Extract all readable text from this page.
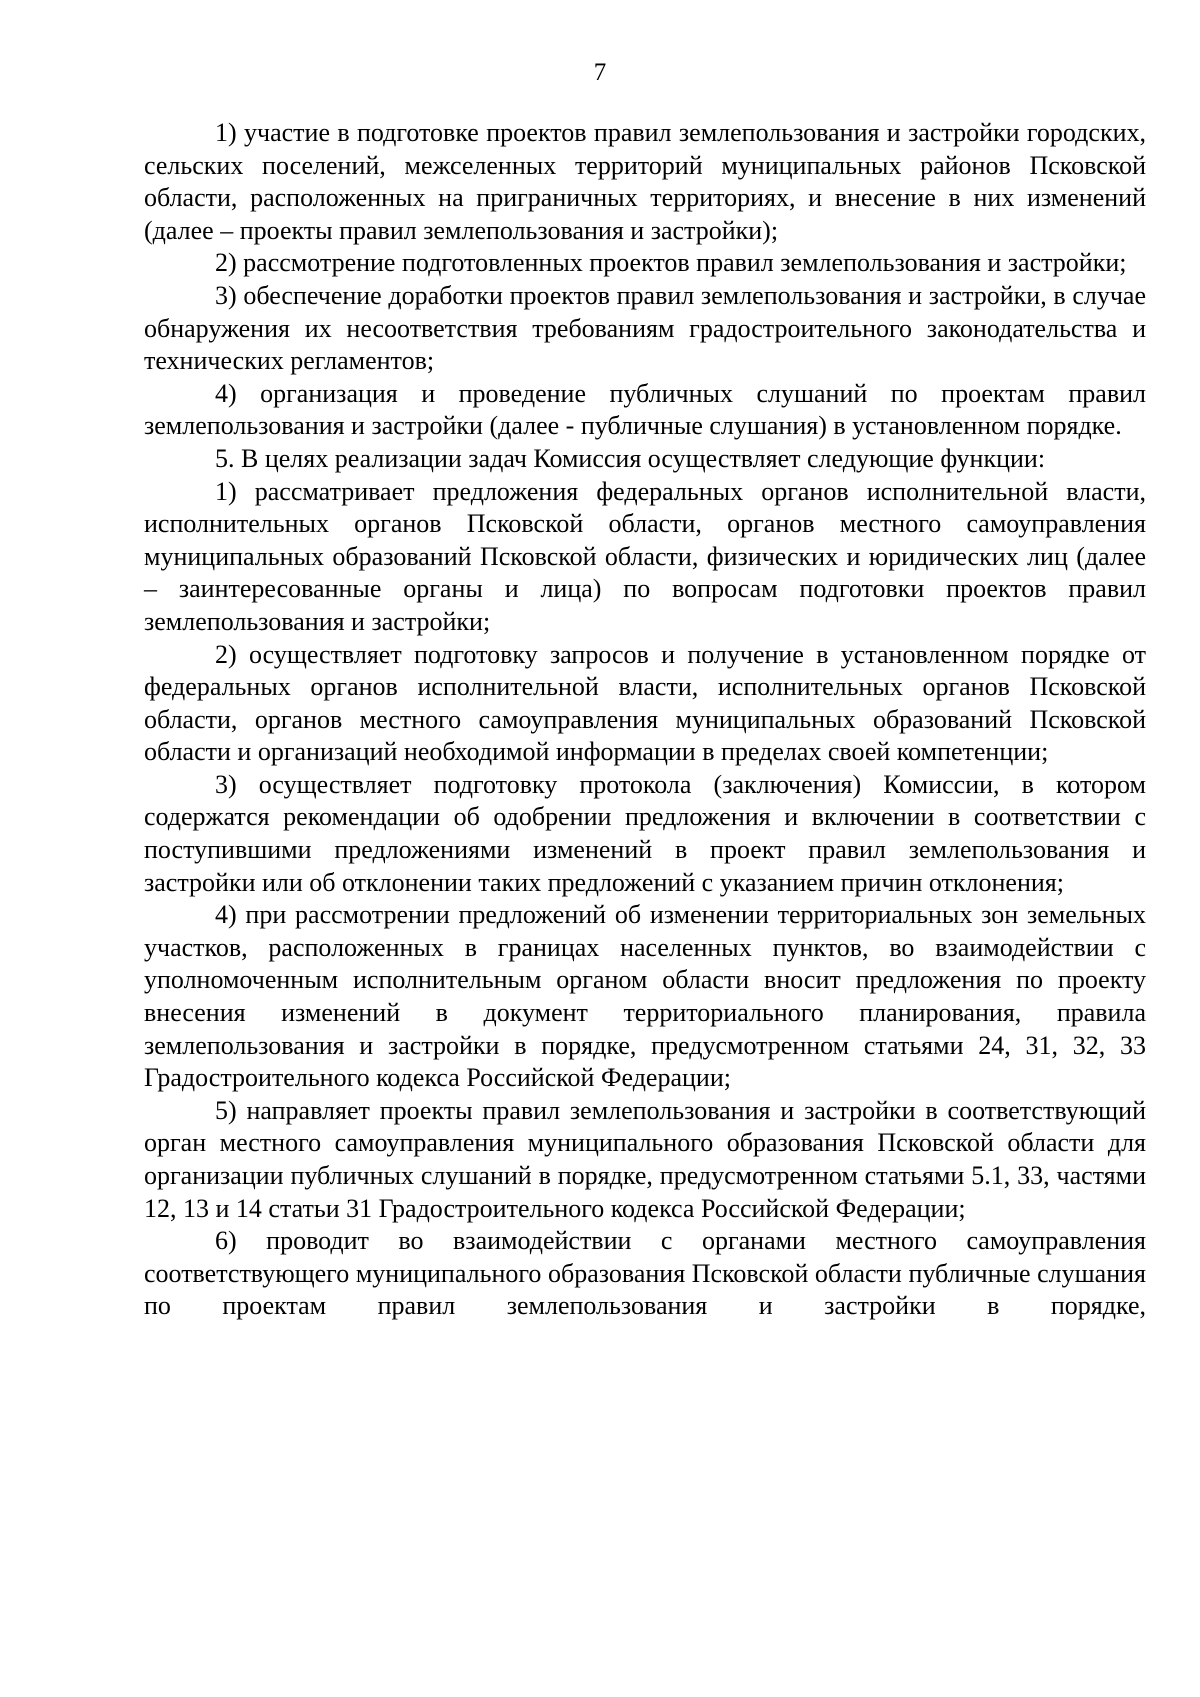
7

1) участие в подготовке проектов правил землепользования и застройки городских, сельских поселений, межселенных территорий муниципальных районов Псковской области, расположенных на приграничных территориях, и внесение в них изменений (далее – проекты правил землепользования и застройки);

2) рассмотрение подготовленных проектов правил землепользования и застройки;

3) обеспечение доработки проектов правил землепользования и застройки, в случае обнаружения их несоответствия требованиям градостроительного законодательства и технических регламентов;

4) организация и проведение публичных слушаний по проектам правил землепользования и застройки (далее - публичные слушания) в установленном порядке.

5. В целях реализации задач Комиссия осуществляет следующие функции:

1) рассматривает предложения федеральных органов исполнительной власти, исполнительных органов Псковской области, органов местного самоуправления муниципальных образований Псковской области, физических и юридических лиц (далее – заинтересованные органы и лица) по вопросам подготовки проектов правил землепользования и застройки;

2) осуществляет подготовку запросов и получение в установленном порядке от федеральных органов исполнительной власти, исполнительных органов Псковской области, органов местного самоуправления муниципальных образований Псковской области и организаций необходимой информации в пределах своей компетенции;

3) осуществляет подготовку протокола (заключения) Комиссии, в котором содержатся рекомендации об одобрении предложения и включении в соответствии с поступившими предложениями изменений в проект правил землепользования и застройки или об отклонении таких предложений с указанием причин отклонения;

4) при рассмотрении предложений об изменении территориальных зон земельных участков, расположенных в границах населенных пунктов, во взаимодействии с уполномоченным исполнительным органом области вносит предложения по проекту внесения изменений в документ территориального планирования, правила землепользования и застройки в порядке, предусмотренном статьями 24, 31, 32, 33 Градостроительного кодекса Российской Федерации;

5) направляет проекты правил землепользования и застройки в соответствующий орган местного самоуправления муниципального образования Псковской области для организации публичных слушаний в порядке, предусмотренном статьями 5.1, 33, частями 12, 13 и 14 статьи 31 Градостроительного кодекса Российской Федерации;

6) проводит во взаимодействии с органами местного самоуправления соответствующего муниципального образования Псковской области публичные слушания по проектам правил землепользования и застройки в порядке,
